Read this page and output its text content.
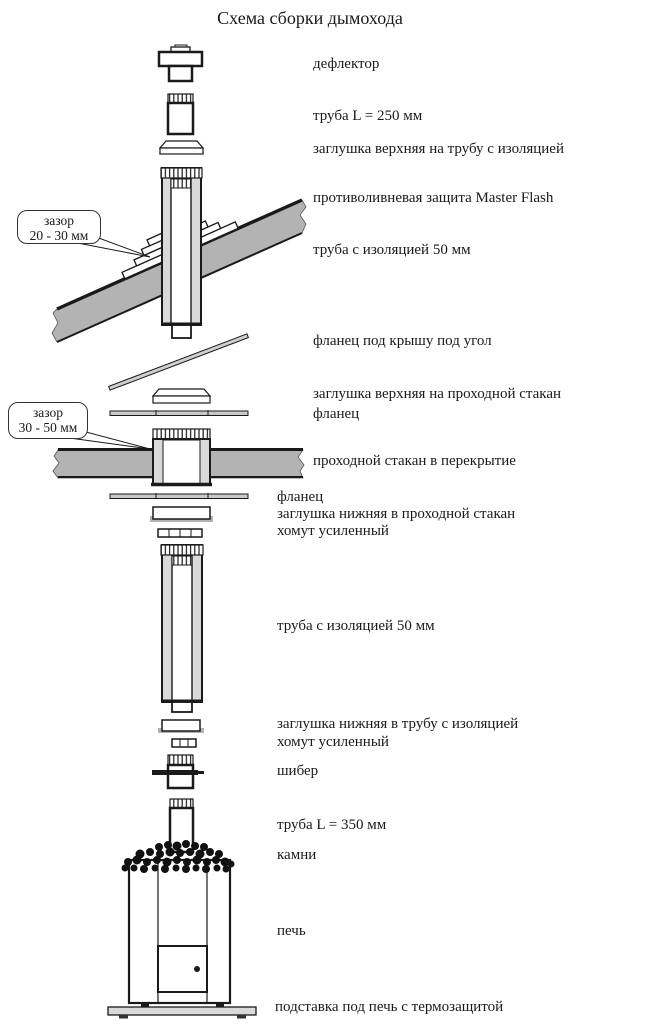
Схема сборки дымохода
зазор
20 - 30 мм
зазор
30 - 50 мм
дефлектор
труба L = 250 мм
заглушка верхняя на трубу с изоляцией
противоливневая защита Master Flash
труба с изоляцией 50 мм
фланец под крышу под угол
заглушка верхняя на проходной стакан
фланец
проходной стакан в перекрытие
фланец
заглушка нижняя в проходной стакан
хомут усиленный
труба с изоляцией 50 мм
заглушка нижняя в трубу с изоляцией
хомут усиленный
шибер
труба L = 350 мм
камни
печь
подставка под печь с термозащитой
